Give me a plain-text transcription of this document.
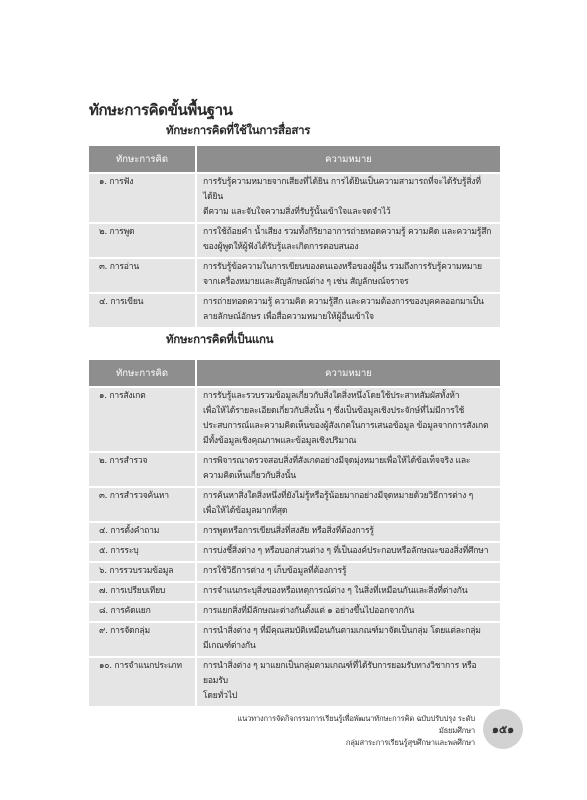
ทักษะการคิดขั้นพื้นฐาน
ทักษะการคิดที่ใช้ในการสื่อสาร
ทักษะการคิด	ความหมาย
๑. การฟัง	การรับรู้ความหมายจากเสียงที่ได้ยิน การได้ยินเป็นความสามารถที่จะได้รับรู้สิ่งที่ได้ยิน
ตีความ และจับใจความสิ่งที่รับรู้นั้นเข้าใจและจดจำไว้

๒. การพูด	การใช้ถ้อยคำ น้ำเสียง รวมทั้งกิริยาอาการถ่ายทอดความรู้ ความคิด และความรู้สึก
ของผู้พูดให้ผู้ฟังได้รับรู้และเกิดการตอบสนอง

๓. การอ่าน	การรับรู้ข้อความในการเขียนของตนเองหรือของผู้อื่น รวมถึงการรับรู้ความหมาย
จากเครื่องหมายและสัญลักษณ์ต่าง ๆ เช่น สัญลักษณ์จราจร

๔. การเขียน	การถ่ายทอดความรู้ ความคิด ความรู้สึก และความต้องการของบุคคลออกมาเป็น
ลายลักษณ์อักษร เพื่อสื่อความหมายให้ผู้อื่นเข้าใจ
ทักษะการคิดที่เป็นแกน
ทักษะการคิด	ความหมาย
๑. การสังเกต	การรับรู้และรวบรวมข้อมูลเกี่ยวกับสิ่งใดสิ่งหนึ่งโดยใช้ประสาทสัมผัสทั้งห้า
เพื่อให้ได้รายละเอียดเกี่ยวกับสิ่งนั้น ๆ ซึ่งเป็นข้อมูลเชิงประจักษ์ที่ไม่มีการใช้
ประสบการณ์และความคิดเห็นของผู้สังเกตในการเสนอข้อมูล ข้อมูลจากการสังเกต
มีทั้งข้อมูลเชิงคุณภาพและข้อมูลเชิงปริมาณ

๒. การสำรวจ	การพิจารณาตรวจสอบสิ่งที่สังเกตอย่างมีจุดมุ่งหมายเพื่อให้ได้ข้อเท็จจริง และ
ความคิดเห็นเกี่ยวกับสิ่งนั้น

๓. การสำรวจค้นหา	การค้นหาสิ่งใดสิ่งหนึ่งที่ยังไม่รู้หรือรู้น้อยมากอย่างมีจุดหมายด้วยวิธีการต่าง ๆ
เพื่อให้ได้ข้อมูลมากที่สุด

๔. การตั้งคำถาม	การพูดหรือการเขียนสิ่งที่สงสัย หรือสิ่งที่ต้องการรู้

๕. การระบุ	การบ่งชี้สิ่งต่าง ๆ หรือบอกส่วนต่าง ๆ ที่เป็นองค์ประกอบหรือลักษณะของสิ่งที่ศึกษา

๖. การรวบรวมข้อมูล	การใช้วิธีการต่าง ๆ เก็บข้อมูลที่ต้องการรู้

๗. การเปรียบเทียบ	การจำแนกระบุสิ่งของหรือเหตุการณ์ต่าง ๆ ในสิ่งที่เหมือนกันและสิ่งที่ต่างกัน

๘. การคัดแยก	การแยกสิ่งที่มีลักษณะต่างกันตั้งแต่ ๑ อย่างขึ้นไปออกจากกัน

๙. การจัดกลุ่ม	การนำสิ่งต่าง ๆ ที่มีคุณสมบัติเหมือนกันตามเกณฑ์มาจัดเป็นกลุ่ม โดยแต่ละกลุ่ม
มีเกณฑ์ต่างกัน

๑๐. การจำแนกประเภท	การนำสิ่งต่าง ๆ มาแยกเป็นกลุ่มตามเกณฑ์ที่ได้รับการยอมรับทางวิชาการ หรือยอมรับ
โดยทั่วไป
แนวทางการจัดกิจกรรมการเรียนรู้เพื่อพัฒนาทักษะการคิด ฉบับปรับปรุง ระดับมัธยมศึกษา
กลุ่มสาระการเรียนรู้สุขศึกษาและพลศึกษา
๑๕๑
